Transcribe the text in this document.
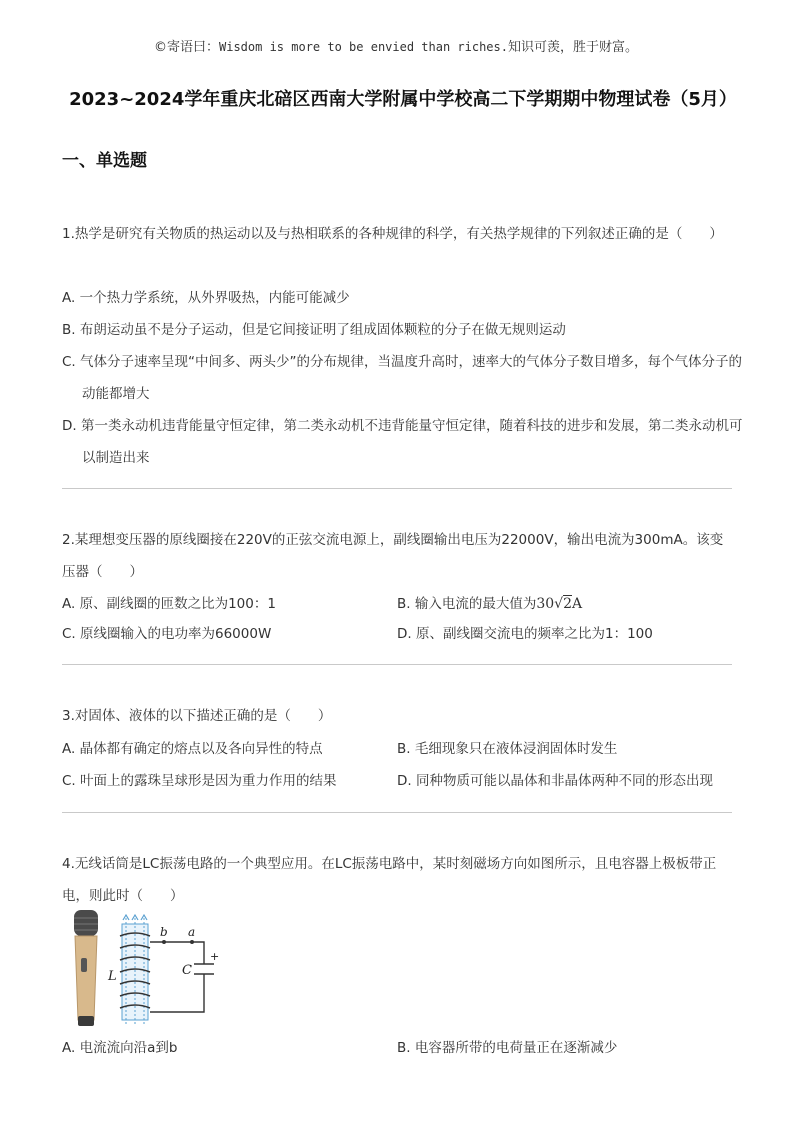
©寄语曰：Wisdom is more to be envied than riches.知识可羡，胜于财富。
2023~2024学年重庆北碚区西南大学附属中学校高二下学期期中物理试卷（5月）
一、单选题
1.热学是研究有关物质的热运动以及与热相联系的各种规律的科学，有关热学规律的下列叙述正确的是（　　）
A. 一个热力学系统，从外界吸热，内能可能减少
B. 布朗运动虽不是分子运动，但是它间接证明了组成固体颗粒的分子在做无规则运动
C. 气体分子速率呈现“中间多、两头少”的分布规律，当温度升高时，速率大的气体分子数目增多，每个气体分子的动能都增大
D. 第一类永动机违背能量守恒定律，第二类永动机不违背能量守恒定律，随着科技的进步和发展，第二类永动机可以制造出来
2.某理想变压器的原线圈接在220V的正弦交流电源上，副线圈输出电压为22000V，输出电流为300mA。该变压器（　　）
A. 原、副线圈的匝数之比为100：1	B. 输入电流的最大值为30√2A
C. 原线圈输入的电功率为66000W	D. 原、副线圈交流电的频率之比为1：100
3.对固体、液体的以下描述正确的是（　　）
A. 晶体都有确定的熔点以及各向异性的特点	B. 毛细现象只在液体浸润固体时发生
C. 叶面上的露珠呈球形是因为重力作用的结果	D. 同种物质可能以晶体和非晶体两种不同的形态出现
4.无线话筒是LC振荡电路的一个典型应用。在LC振荡电路中，某时刻磁场方向如图所示，且电容器上极板带正电，则此时（　　）
b a
L	C
+
A. 电流流向沿a到b	B. 电容器所带的电荷量正在逐渐减少
